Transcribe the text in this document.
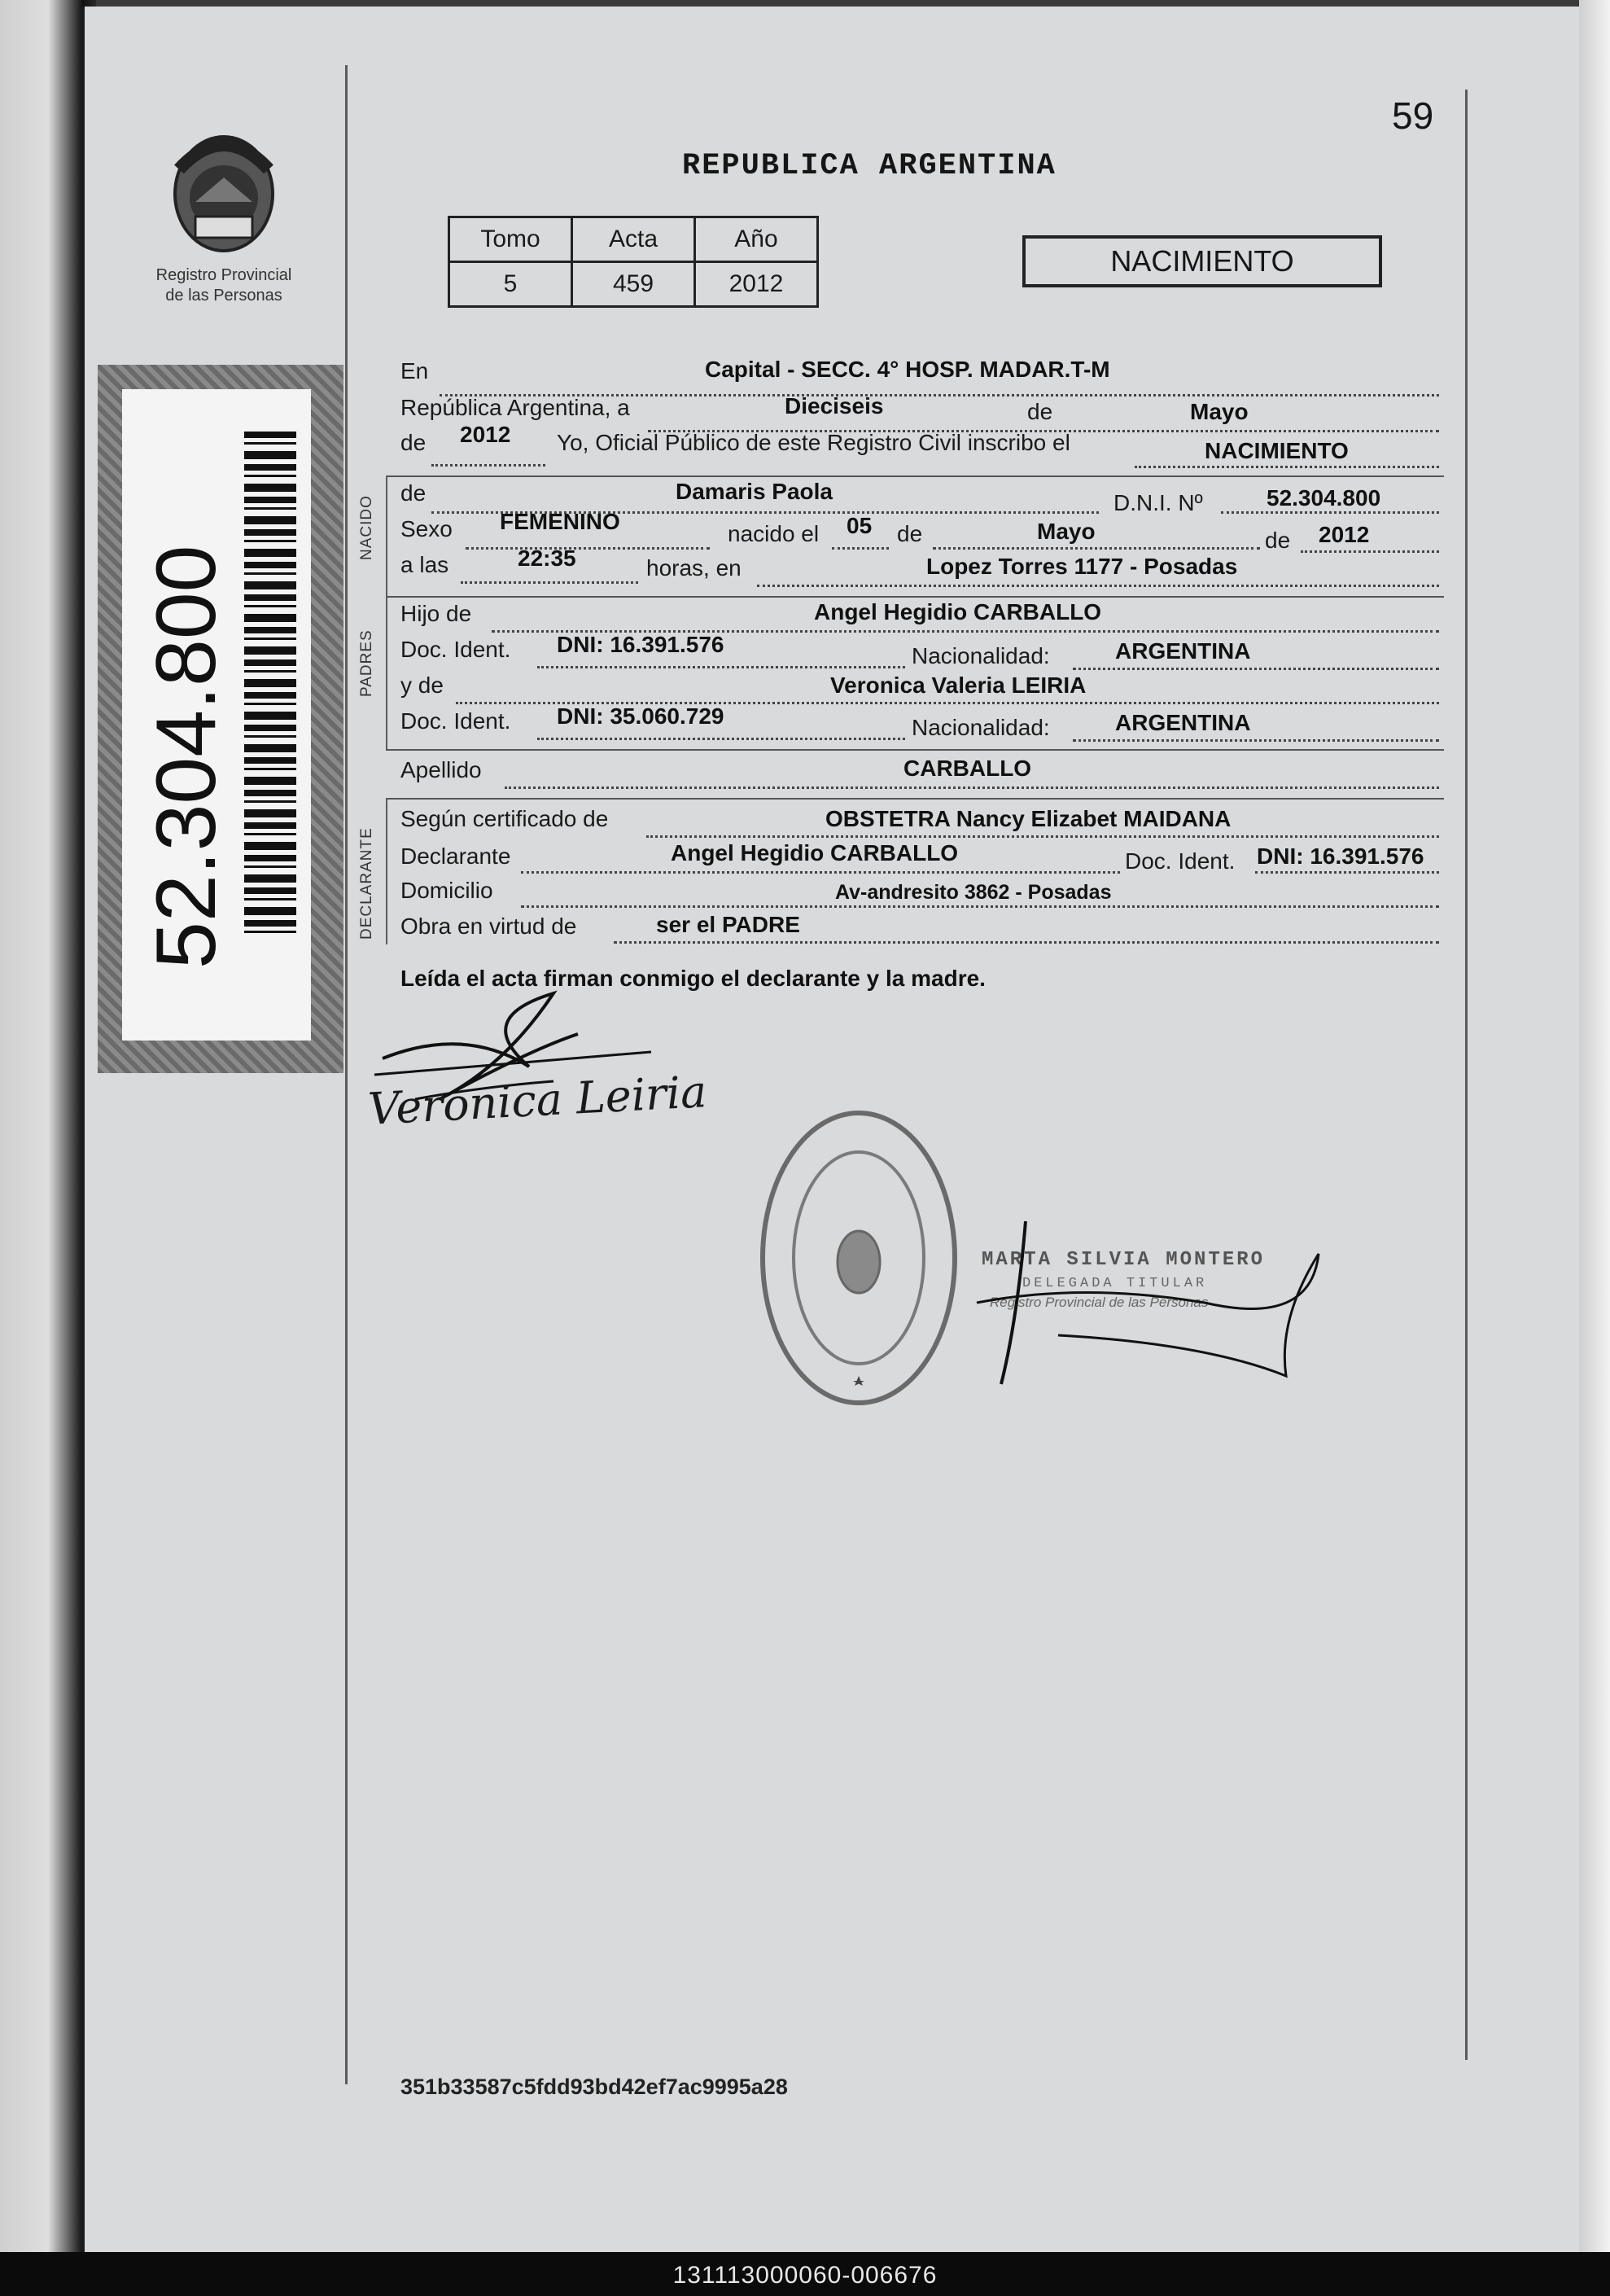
59
Registro Provincial
de las Personas
REPUBLICA ARGENTINA
Tomo	Acta	Año
5	459	2012
NACIMIENTO
52.304.800
NACIDO
PADRES
DECLARANTE
En	Capital - SECC. 4° HOSP. MADAR.T-M
República Argentina, a	Dieciseis	de	Mayo
de 2012 Yo, Oficial Público de este Registro Civil inscribo el	NACIMIENTO
de	Damaris Paola	D.N.I. Nº	52.304.800
Sexo FEMENINO	nacido el 05 de	Mayo	de 2012
a las	22:35	horas, en	Lopez Torres 1177 - Posadas
Hijo de	Angel Hegidio CARBALLO
Doc. Ident. DNI: 16.391.576	Nacionalidad:	ARGENTINA
y de	Veronica Valeria LEIRIA
Doc. Ident. DNI: 35.060.729	Nacionalidad:	ARGENTINA
Apellido	CARBALLO
Según certificado de	OBSTETRA Nancy Elizabet MAIDANA
Declarante	Angel Hegidio CARBALLO	Doc. Ident. DNI: 16.391.576
Domicilio	Av-andresito 3862 - Posadas
Obra en virtud de	ser el PADRE
Leída el acta firman conmigo el declarante y la madre.
Veronica Leiria
MARTA SILVIA MONTERO
DELEGADA TITULAR
Registro Provincial de las Personas
351b33587c5fdd93bd42ef7ac9995a28
131113000060-006676
